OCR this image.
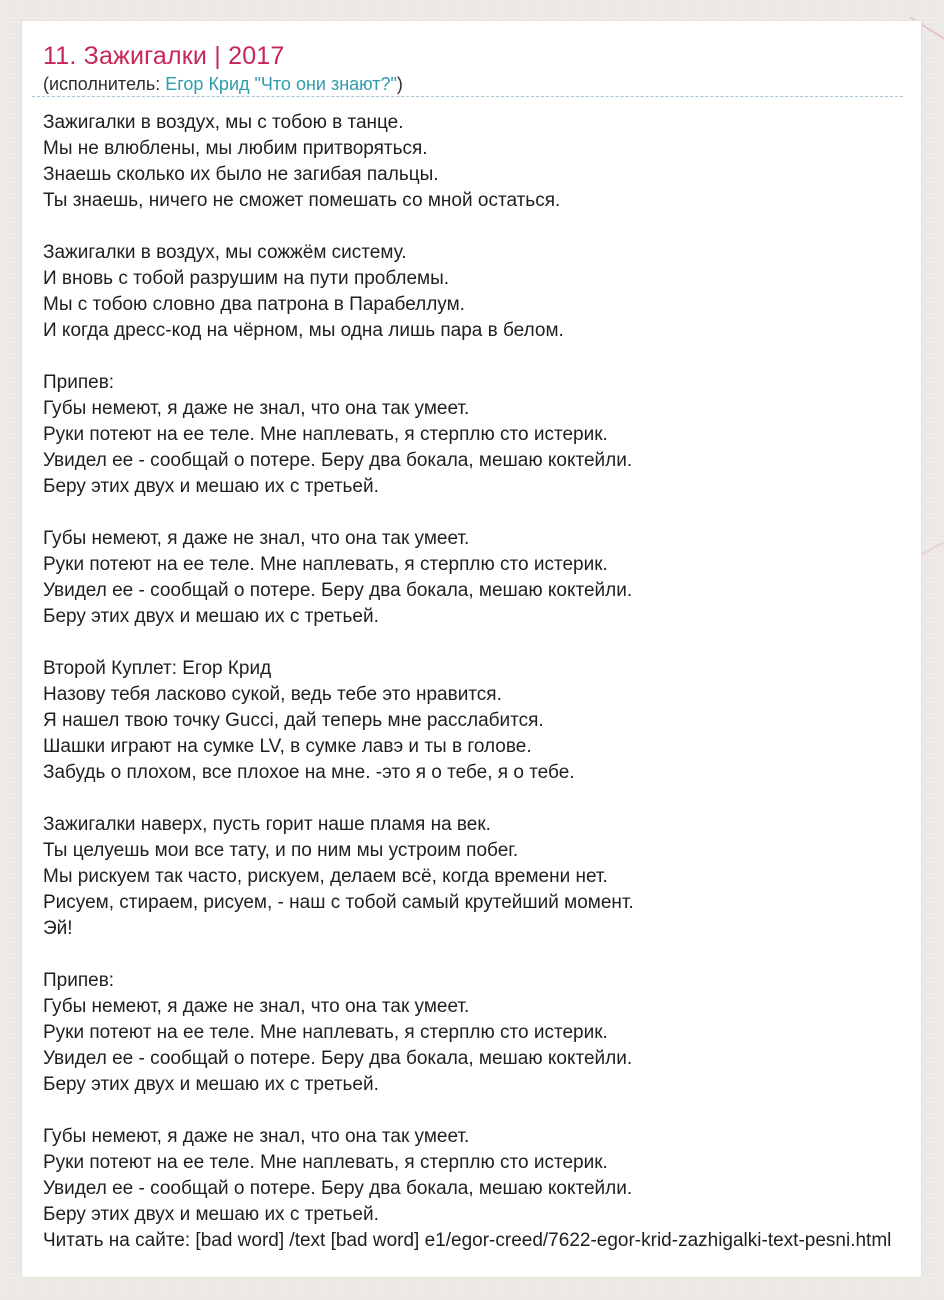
11. Зажигалки | 2017

(исполнитель: Егор Крид "Что они знают?")

Зажигалки в воздух, мы с тобою в танце.
Мы не влюблены, мы любим притворяться.
Знаешь сколько их было не загибая пальцы.
Ты знаешь, ничего не сможет помешать со мной остаться.

Зажигалки в воздух, мы сожжём систему.
И вновь с тобой разрушим на пути проблемы.
Мы с тобою словно два патрона в Парабеллум.
И когда дресс-код на чёрном, мы одна лишь пара в белом.

Припев:
Губы немеют, я даже не знал, что она так умеет.
Руки потеют на ее теле. Мне наплевать, я стерплю сто истерик.
Увидел ее - сообщай о потере. Беру два бокала, мешаю коктейли.
Беру этих двух и мешаю их с третьей.

Губы немеют, я даже не знал, что она так умеет.
Руки потеют на ее теле. Мне наплевать, я стерплю сто истерик.
Увидел ее - сообщай о потере. Беру два бокала, мешаю коктейли.
Беру этих двух и мешаю их с третьей.

Второй Куплет: Егор Крид
Назову тебя ласково сукой, ведь тебе это нравится.
Я нашел твою точку Gucci, дай теперь мне расслабится.
Шашки играют на сумке LV, в сумке лавэ и ты в голове.
Забудь о плохом, все плохое на мне. -это я о тебе, я о тебе.

Зажигалки наверх, пусть горит наше пламя на век.
Ты целуешь мои все тату, и по ним мы устроим побег.
Мы рискуем так часто, рискуем, делаем всё, когда времени нет.
Рисуем, стираем, рисуем, - наш с тобой самый крутейший момент.
Эй!

Припев:
Губы немеют, я даже не знал, что она так умеет.
Руки потеют на ее теле. Мне наплевать, я стерплю сто истерик.
Увидел ее - сообщай о потере. Беру два бокала, мешаю коктейли.
Беру этих двух и мешаю их с третьей.

Губы немеют, я даже не знал, что она так умеет.
Руки потеют на ее теле. Мне наплевать, я стерплю сто истерик.
Увидел ее - сообщай о потере. Беру два бокала, мешаю коктейли.
Беру этих двух и мешаю их с третьей.

Читать на сайте: [bad word] /text [bad word] e1/egor-creed/7622-egor-krid-zazhigalki-text-pesni.html
